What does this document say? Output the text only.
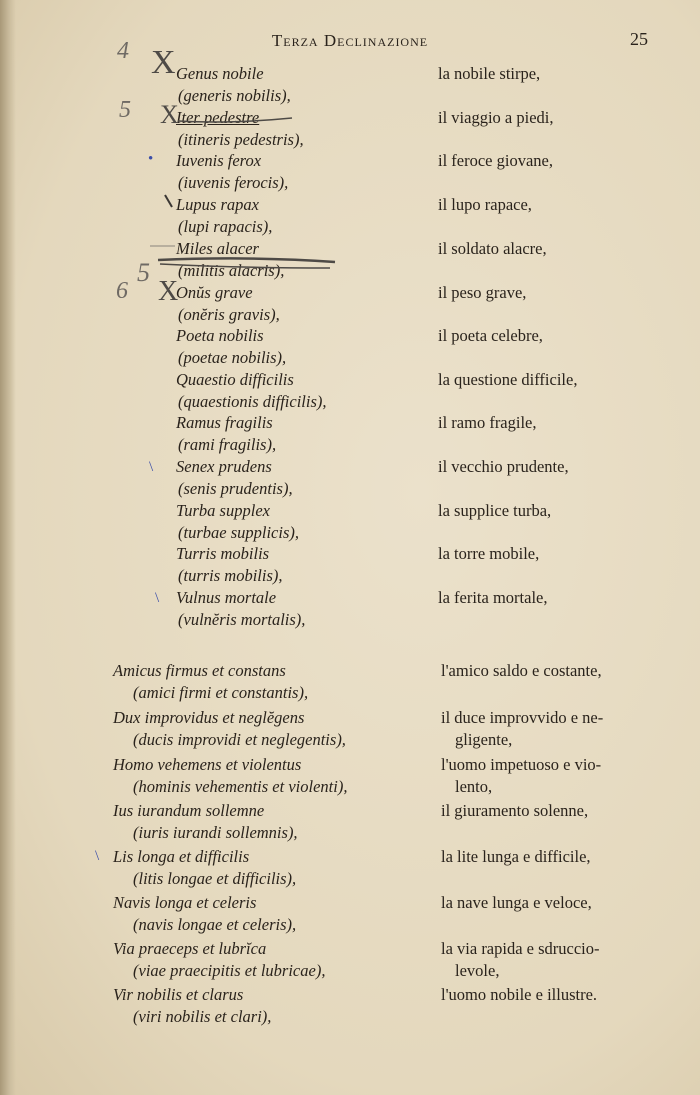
Terza Declinazione	25
Genus nobile
(generis nobilis),
la nobile stirpe,
Iter pedestre
(itineris pedestris),
il viaggio a piedi,
Iuvenis ferox
(iuvenis ferocis),
il feroce giovane,
Lupus rapax
(lupi rapacis),
il lupo rapace,
Miles alacer
(militis alacris),
il soldato alacre,
Onŭs grave
(onĕris gravis),
il peso grave,
Poeta nobilis
(poetae nobilis),
il poeta celebre,
Quaestio difficilis
(quaestionis difficilis),
la questione difficile,
Ramus fragilis
(rami fragilis),
il ramo fragile,
Senex prudens
(senis prudentis),
il vecchio prudente,
Turba supplex
(turbae supplicis),
la supplice turba,
Turris mobilis
(turris mobilis),
la torre mobile,
Vulnus mortale
(vulnĕris mortalis),
la ferita mortale,
Amicus firmus et constans
(amici firmi et constantis),
l'amico saldo e costante,
Dux improvidus et neglĕgens
(ducis improvidi et neglegentis),
il duce improvvido e ne-
gligente,
Homo vehemens et violentus
(hominis vehementis et violenti),
l'uomo impetuoso e vio-
lento,
Ius iurandum sollemne
(iuris iurandi sollemnis),
il giuramento solenne,
Lis longa et difficilis
(litis longae et difficilis),
la lite lunga e difficile,
Navis longa et celeris
(navis longae et celeris),
la nave lunga e veloce,
Via praeceps et lubrĭca
(viae praecipitis et lubricae),
la via rapida e sdruccio-
levole,
Vir nobilis et clarus
(viri nobilis et clari),
l'uomo nobile e illustre.
4
5
6
5
X
X
X
•
\
\
\
